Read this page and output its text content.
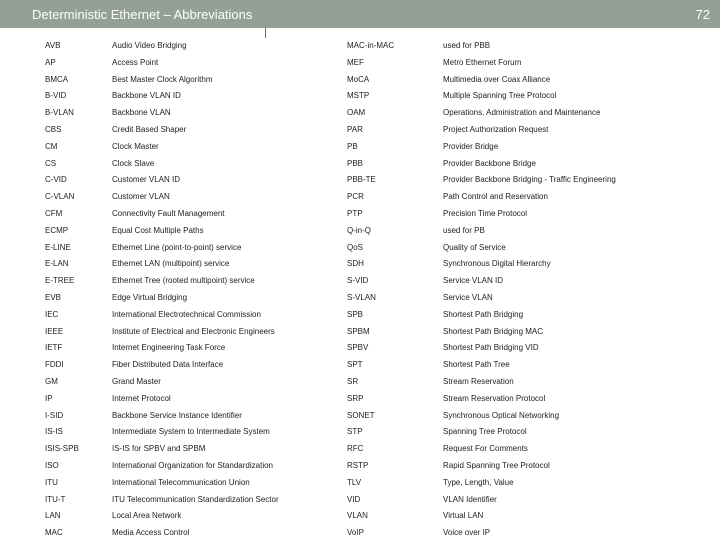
Deterministic Ethernet – Abbreviations	72
AVB	Audio Video Bridging
AP	Access Point
BMCA	Best Master Clock Algorithm
B-VID	Backbone VLAN ID
B-VLAN	Backbone VLAN
CBS	Credit Based Shaper
CM	Clock Master
CS	Clock Slave
C-VID	Customer VLAN ID
C-VLAN	Customer VLAN
CFM	Connectivity Fault Management
ECMP	Equal Cost Multiple Paths
E-LINE	Ethernet Line (point-to-point) service
E-LAN	Ethernet LAN (multipoint) service
E-TREE	Ethernet Tree (rooted multipoint) service
EVB	Edge Virtual Bridging
IEC	International Electrotechnical Commission
IEEE	Institute of Electrical and Electronic Engineers
IETF	Internet Engineering Task Force
FDDI	Fiber Distributed Data Interface
GM	Grand Master
IP	Internet Protocol
I-SID	Backbone Service Instance Identifier
IS-IS	Intermediate System to Intermediate System
ISIS-SPB	IS-IS for SPBV and SPBM
ISO	International Organization for Standardization
ITU	International Telecommunication Union
ITU-T	ITU Telecommunication Standardization Sector
LAN	Local Area Network
MAC	Media Access Control
MAC-in-MAC	used for PBB
MEF	Metro Ethernet Forum
MoCA	Multimedia over Coax Alliance
MSTP	Multiple Spanning Tree Protocol
OAM	Operations, Administration and Maintenance
PAR	Project Authorization Request
PB	Provider Bridge
PBB	Provider Backbone Bridge
PBB-TE	Provider Backbone Bridging - Traffic Engineering
PCR	Path Control and Reservation
PTP	Precision Time Protocol
Q-in-Q	used for PB
QoS	Quality of Service
SDH	Synchronous Digital Hierarchy
S-VID	Service VLAN ID
S-VLAN	Service VLAN
SPB	Shortest Path Bridging
SPBM	Shortest Path Bridging MAC
SPBV	Shortest Path Bridging VID
SPT	Shortest Path Tree
SR	Stream Reservation
SRP	Stream Reservation Protocol
SONET	Synchronous Optical Networking
STP	Spanning Tree Protocol
RFC	Request For Comments
RSTP	Rapid Spanning Tree Protocol
TLV	Type, Length, Value
VID	VLAN Identifier
VLAN	Virtual LAN
VoIP	Voice over IP
